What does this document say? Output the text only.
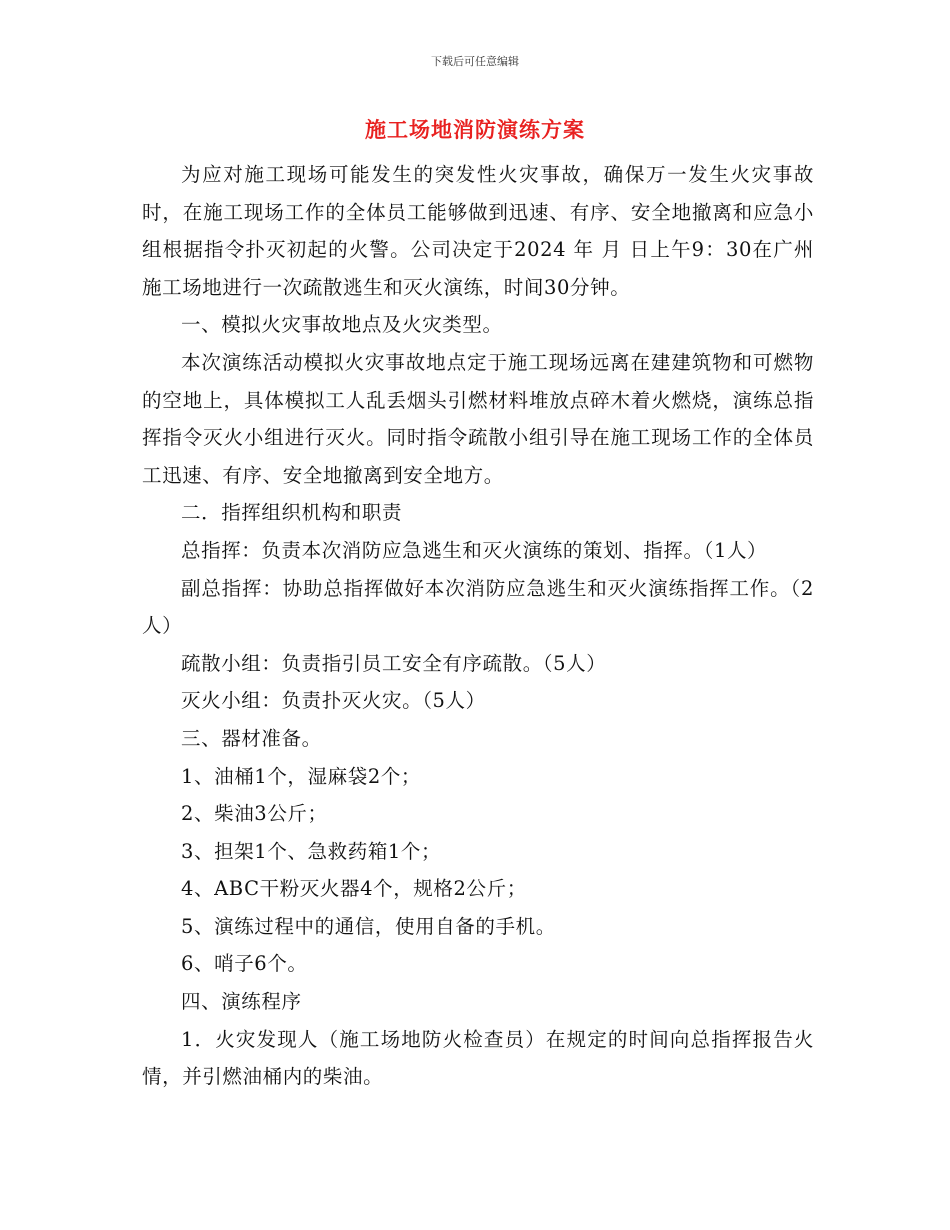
下载后可任意编辑
施工场地消防演练方案

为应对施工现场可能发生的突发性火灾事故，确保万一发生火灾事故时，在施工现场工作的全体员工能够做到迅速、有序、安全地撤离和应急小组根据指令扑灭初起的火警。公司决定于2024 年 月 日上午9：30在广州施工场地进行一次疏散逃生和灭火演练，时间30分钟。

一、模拟火灾事故地点及火灾类型。

本次演练活动模拟火灾事故地点定于施工现场远离在建建筑物和可燃物的空地上，具体模拟工人乱丢烟头引燃材料堆放点碎木着火燃烧，演练总指挥指令灭火小组进行灭火。同时指令疏散小组引导在施工现场工作的全体员工迅速、有序、安全地撤离到安全地方。

二．指挥组织机构和职责

总指挥：负责本次消防应急逃生和灭火演练的策划、指挥。（1人）

副总指挥：协助总指挥做好本次消防应急逃生和灭火演练指挥工作。（2人）

疏散小组：负责指引员工安全有序疏散。（5人）

灭火小组：负责扑灭火灾。（5人）

三、器材准备。

1、油桶1个，湿麻袋2个；

2、柴油3公斤；

3、担架1个、急救药箱1个；

4、ABC干粉灭火器4个，规格2公斤；

5、演练过程中的通信，使用自备的手机。

6、哨子6个。

四、演练程序

1．火灾发现人（施工场地防火检查员）在规定的时间向总指挥报告火情，并引燃油桶内的柴油。
